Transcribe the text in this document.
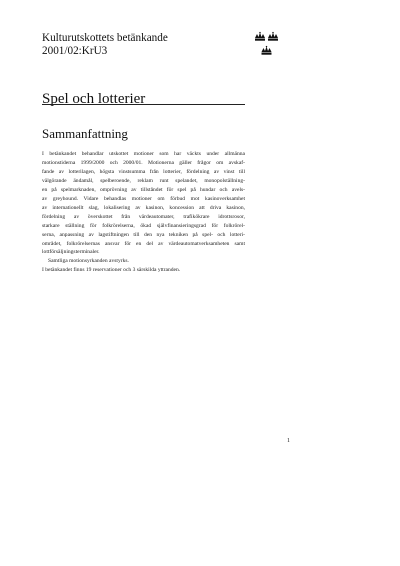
Kulturutskottets betänkande
2001/02:KrU3
Spel och lotterier
Sammanfattning

I betänkandet behandlar utskottet motioner som har väckts under allmänna
motionstiderna 1999/2000 och 2000/01. Motionerna gäller frågor om avskaf-
fande av lotterilagen, högsta vinstsumma från lotterier, fördelning av vinst till
välgörande ändamål, spelberoende, reklam runt spelandet, monopolställning-
en på spelmarknaden, omprövning av tillståndet för spel på hundar och avels-
av greyhound. Vidare behandlas motioner om förbud mot kasinoverksamhet
av internationellt slag, lokalisering av kasinon, koncession att driva kasinon,
fördelning av överskottet från värdeautomater, trafikökrare idrottsrosor,
starkare ställning för folkrörelserna, ökad självfinansieringsgrad för folkrörel-
serna, anpassning av lagstiftningen till den nya tekniken på spel- och lotteri-
området, folkrörelsernas ansvar för en del av värdeautomatverksamheten samt
lottförsäljningsterminaler.

Samtliga motionsyrkanden avstyrks.

I betänkandet finns 19 reservationer och 3 särskilda yttranden.

1
